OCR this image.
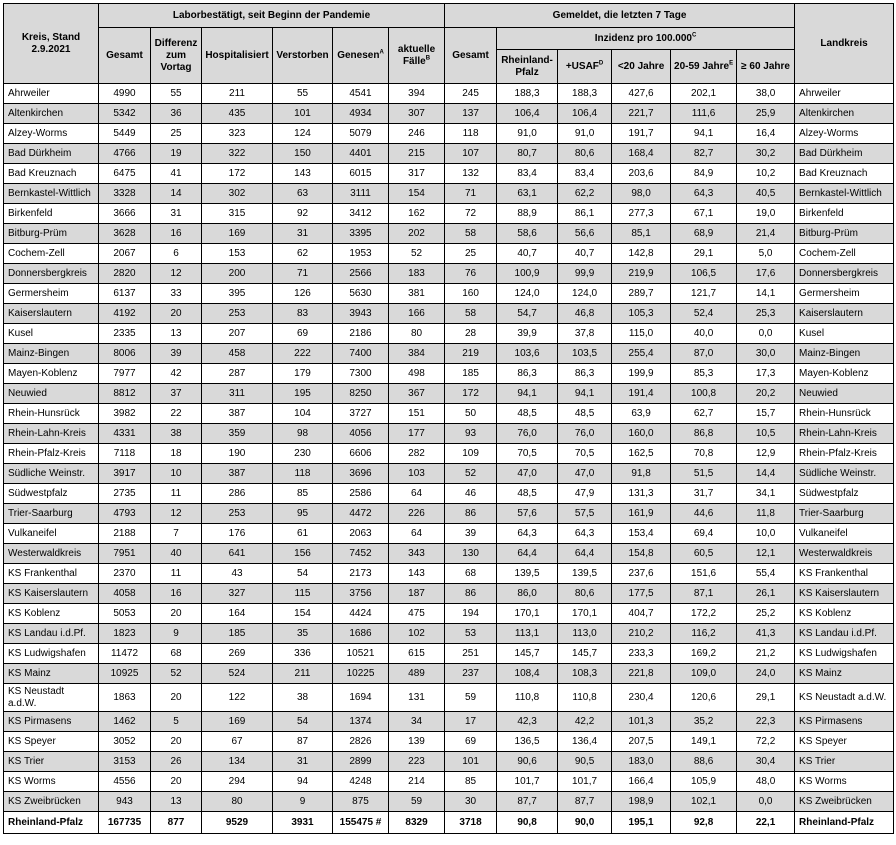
Kreis, Stand 2.9.2021	Laborbestätigt, seit Beginn der Pandemie						Gemeldet, die letzten 7 Tage						Landkreis
	Gesamt	Differenz zum Vortag	Hospitalisiert	Verstorben	Genesen$^A$	aktuelle Fälle$^B$	Gesamt	Inzidenz pro $100.000^C$
								Rheinland-Pfalz	$+USAF^D$	<20 Jahre	20-59 Jahre$^E$	≥ 60 Jahre	
Ahrweiler	4990	55	211	55	4541	394	245	188,3	188,3	427,6	202,1	38,0	Ahrweiler
Altenkirchen	5342	36	435	101	4934	307	137	106,4	106,4	221,7	111,6	25,9	Altenkirchen
Alzey-Worms	5449	25	323	124	5079	246	118	91,0	91,0	191,7	94,1	16,4	Alzey-Worms
Bad Dürkheim	4766	19	322	150	4401	215	107	80,7	80,6	168,4	82,7	30,2	Bad Dürkheim
Bad Kreuznach	6475	41	172	143	6015	317	132	83,4	83,4	203,6	84,9	10,2	Bad Kreuznach
Bernkastel-Wittlich	3328	14	302	63	3111	154	71	63,1	62,2	98,0	64,3	40,5	Bernkastel-Wittlich
Birkenfeld	3666	31	315	92	3412	162	72	88,9	86,1	277,3	67,1	19,0	Birkenfeld
Bitburg-Prüm	3628	16	169	31	3395	202	58	58,6	56,6	85,1	68,9	21,4	Bitburg-Prüm
Cochem-Zell	2067	6	153	62	1953	52	25	40,7	40,7	142,8	29,1	5,0	Cochem-Zell
Donnersbergkreis	2820	12	200	71	2566	183	76	100,9	99,9	219,9	106,5	17,6	Donnersbergkreis
Germersheim	6137	33	395	126	5630	381	160	124,0	124,0	289,7	121,7	14,1	Germersheim
Kaiserslautern	4192	20	253	83	3943	166	58	54,7	46,8	105,3	52,4	25,3	Kaiserslautern
Kusel	2335	13	207	69	2186	80	28	39,9	37,8	115,0	40,0	0,0	Kusel
Mainz-Bingen	8006	39	458	222	7400	384	219	103,6	103,5	255,4	87,0	30,0	Mainz-Bingen
Mayen-Koblenz	7977	42	287	179	7300	498	185	86,3	86,3	199,9	85,3	17,3	Mayen-Koblenz
Neuwied	8812	37	311	195	8250	367	172	94,1	94,1	191,4	100,8	20,2	Neuwied
Rhein-Hunsrück	3982	22	387	104	3727	151	50	48,5	48,5	63,9	62,7	15,7	Rhein-Hunsrück
Rhein-Lahn-Kreis	4331	38	359	98	4056	177	93	76,0	76,0	160,0	86,8	10,5	Rhein-Lahn-Kreis
Rhein-Pfalz-Kreis	7118	18	190	230	6606	282	109	70,5	70,5	162,5	70,8	12,9	Rhein-Pfalz-Kreis
Südliche Weinstr.	3917	10	387	118	3696	103	52	47,0	47,0	91,8	51,5	14,4	Südliche Weinstr.
Südwestpfalz	2735	11	286	85	2586	64	46	48,5	47,9	131,3	31,7	34,1	Südwestpfalz
Trier-Saarburg	4793	12	253	95	4472	226	86	57,6	57,5	161,9	44,6	11,8	Trier-Saarburg
Vulkaneifel	2188	7	176	61	2063	64	39	64,3	64,3	153,4	69,4	10,0	Vulkaneifel
Westerwaldkreis	7951	40	641	156	7452	343	130	64,4	64,4	154,8	60,5	12,1	Westerwaldkreis
KS Frankenthal	2370	11	43	54	2173	143	68	139,5	139,5	237,6	151,6	55,4	KS Frankenthal
KS Kaiserslautern	4058	16	327	115	3756	187	86	86,0	80,6	177,5	87,1	26,1	KS Kaiserslautern
KS Koblenz	5053	20	164	154	4424	475	194	170,1	170,1	404,7	172,2	25,2	KS Koblenz
KS Landau i.d.Pf.	1823	9	185	35	1686	102	53	113,1	113,0	210,2	116,2	41,3	KS Landau i.d.Pf.
KS Ludwigshafen	11472	68	269	336	10521	615	251	145,7	145,7	233,3	169,2	21,2	KS Ludwigshafen
KS Mainz	10925	52	524	211	10225	489	237	108,4	108,3	221,8	109,0	24,0	KS Mainz
KS Neustadt a.d.W.	1863	20	122	38	1694	131	59	110,8	110,8	230,4	120,6	29,1	KS Neustadt a.d.W.
KS Pirmasens	1462	5	169	54	1374	34	17	42,3	42,2	101,3	35,2	22,3	KS Pirmasens
KS Speyer	3052	20	67	87	2826	139	69	136,5	136,4	207,5	149,1	72,2	KS Speyer
KS Trier	3153	26	134	31	2899	223	101	90,6	90,5	183,0	88,6	30,4	KS Trier
KS Worms	4556	20	294	94	4248	214	85	101,7	101,7	166,4	105,9	48,0	KS Worms
KS Zweibrücken	943	13	80	9	875	59	30	87,7	87,7	198,9	102,1	0,0	KS Zweibrücken
Rheinland-Pfalz	167735	877	9529	3931	155475 #	8329	3718	90,8	90,0	195,1	92,8	22,1	Rheinland-Pfalz
